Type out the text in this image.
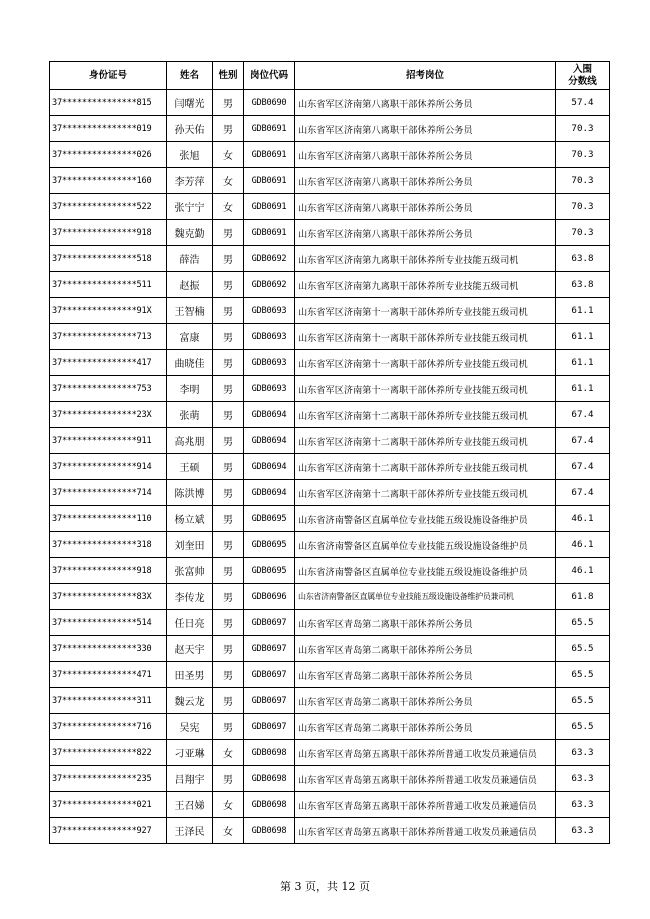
身份证号	姓名	性别	岗位代码	招考岗位	入围
分数线
37***************815	闫曙光	男	GDB0690	山东省军区济南第八离职干部休养所公务员	57.4
37***************019	孙天佑	男	GDB0691	山东省军区济南第八离职干部休养所公务员	70.3
37***************026	张旭	女	GDB0691	山东省军区济南第八离职干部休养所公务员	70.3
37***************160	李芳萍	女	GDB0691	山东省军区济南第八离职干部休养所公务员	70.3
37***************522	张宁宁	女	GDB0691	山东省军区济南第八离职干部休养所公务员	70.3
37***************918	魏克勤	男	GDB0691	山东省军区济南第八离职干部休养所公务员	70.3
37***************518	薛浩	男	GDB0692	山东省军区济南第九离职干部休养所专业技能五级司机	63.8
37***************511	赵振	男	GDB0692	山东省军区济南第九离职干部休养所专业技能五级司机	63.8
37***************91X	王智楠	男	GDB0693	山东省军区济南第十一离职干部休养所专业技能五级司机	61.1
37***************713	富康	男	GDB0693	山东省军区济南第十一离职干部休养所专业技能五级司机	61.1
37***************417	曲晓佳	男	GDB0693	山东省军区济南第十一离职干部休养所专业技能五级司机	61.1
37***************753	李明	男	GDB0693	山东省军区济南第十一离职干部休养所专业技能五级司机	61.1
37***************23X	张萌	男	GDB0694	山东省军区济南第十二离职干部休养所专业技能五级司机	67.4
37***************911	高兆朋	男	GDB0694	山东省军区济南第十二离职干部休养所专业技能五级司机	67.4
37***************914	王硕	男	GDB0694	山东省军区济南第十二离职干部休养所专业技能五级司机	67.4
37***************714	陈洪博	男	GDB0694	山东省军区济南第十二离职干部休养所专业技能五级司机	67.4
37***************110	杨立斌	男	GDB0695	山东省济南警备区直属单位专业技能五级设施设备维护员	46.1
37***************318	刘奎田	男	GDB0695	山东省济南警备区直属单位专业技能五级设施设备维护员	46.1
37***************918	张富帅	男	GDB0695	山东省济南警备区直属单位专业技能五级设施设备维护员	46.1
37***************83X	李传龙	男	GDB0696	山东省济南警备区直属单位专业技能五级设施设备维护员兼司机	61.8
37***************514	任日亮	男	GDB0697	山东省军区青岛第二离职干部休养所公务员	65.5
37***************330	赵天宇	男	GDB0697	山东省军区青岛第二离职干部休养所公务员	65.5
37***************471	田圣男	男	GDB0697	山东省军区青岛第二离职干部休养所公务员	65.5
37***************311	魏云龙	男	GDB0697	山东省军区青岛第二离职干部休养所公务员	65.5
37***************716	吴宪	男	GDB0697	山东省军区青岛第二离职干部休养所公务员	65.5
37***************822	刁亚琳	女	GDB0698	山东省军区青岛第五离职干部休养所普通工收发员兼通信员	63.3
37***************235	吕翔宇	男	GDB0698	山东省军区青岛第五离职干部休养所普通工收发员兼通信员	63.3
37***************021	王召娣	女	GDB0698	山东省军区青岛第五离职干部休养所普通工收发员兼通信员	63.3
37***************927	王泽民	女	GDB0698	山东省军区青岛第五离职干部休养所普通工收发员兼通信员	63.3
第 3 页，共 12 页
